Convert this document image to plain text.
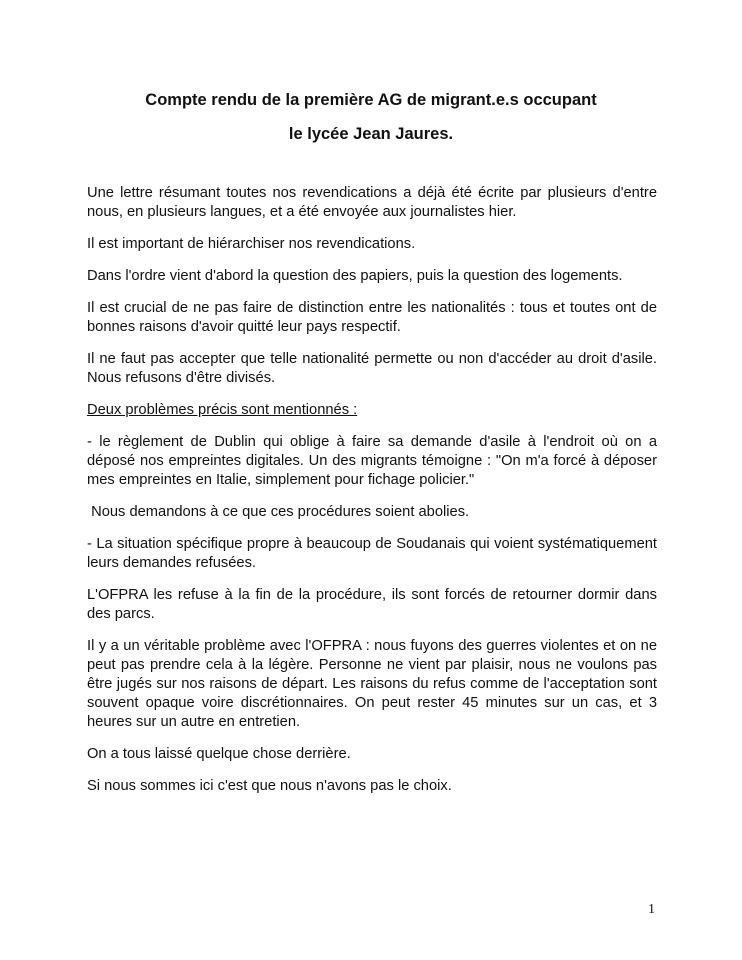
Compte rendu de la première AG de migrant.e.s occupant
le lycée Jean Jaures.

Une lettre résumant toutes nos revendications a déjà été écrite par plusieurs d'entre nous, en plusieurs langues, et a été envoyée aux journalistes hier.

Il est important de hiérarchiser nos revendications.

Dans l'ordre vient d'abord la question des papiers, puis la question des logements.

Il est crucial de ne pas faire de distinction entre les nationalités : tous et toutes ont de bonnes raisons d'avoir quitté leur pays respectif.

Il ne faut pas accepter que telle nationalité permette ou non d'accéder au droit d'asile. Nous refusons d'être divisés.

Deux problèmes précis sont mentionnés :

- le règlement de Dublin qui oblige à faire sa demande d'asile à l'endroit où on a déposé nos empreintes digitales. Un des migrants témoigne : "On m'a forcé à déposer mes empreintes en Italie, simplement pour fichage policier."

Nous demandons à ce que ces procédures soient abolies.

- La situation spécifique propre à beaucoup de Soudanais qui voient systématiquement leurs demandes refusées.

L'OFPRA les refuse à la fin de la procédure, ils sont forcés de retourner dormir dans des parcs.

Il y a un véritable problème avec l'OFPRA : nous fuyons des guerres violentes et on ne peut pas prendre cela à la légère. Personne ne vient par plaisir, nous ne voulons pas être jugés sur nos raisons de départ. Les raisons du refus comme de l'acceptation sont souvent opaque voire discrétionnaires. On peut rester 45 minutes sur un cas, et 3 heures sur un autre en entretien.

On a tous laissé quelque chose derrière.

Si nous sommes ici c'est que nous n'avons pas le choix.

1
